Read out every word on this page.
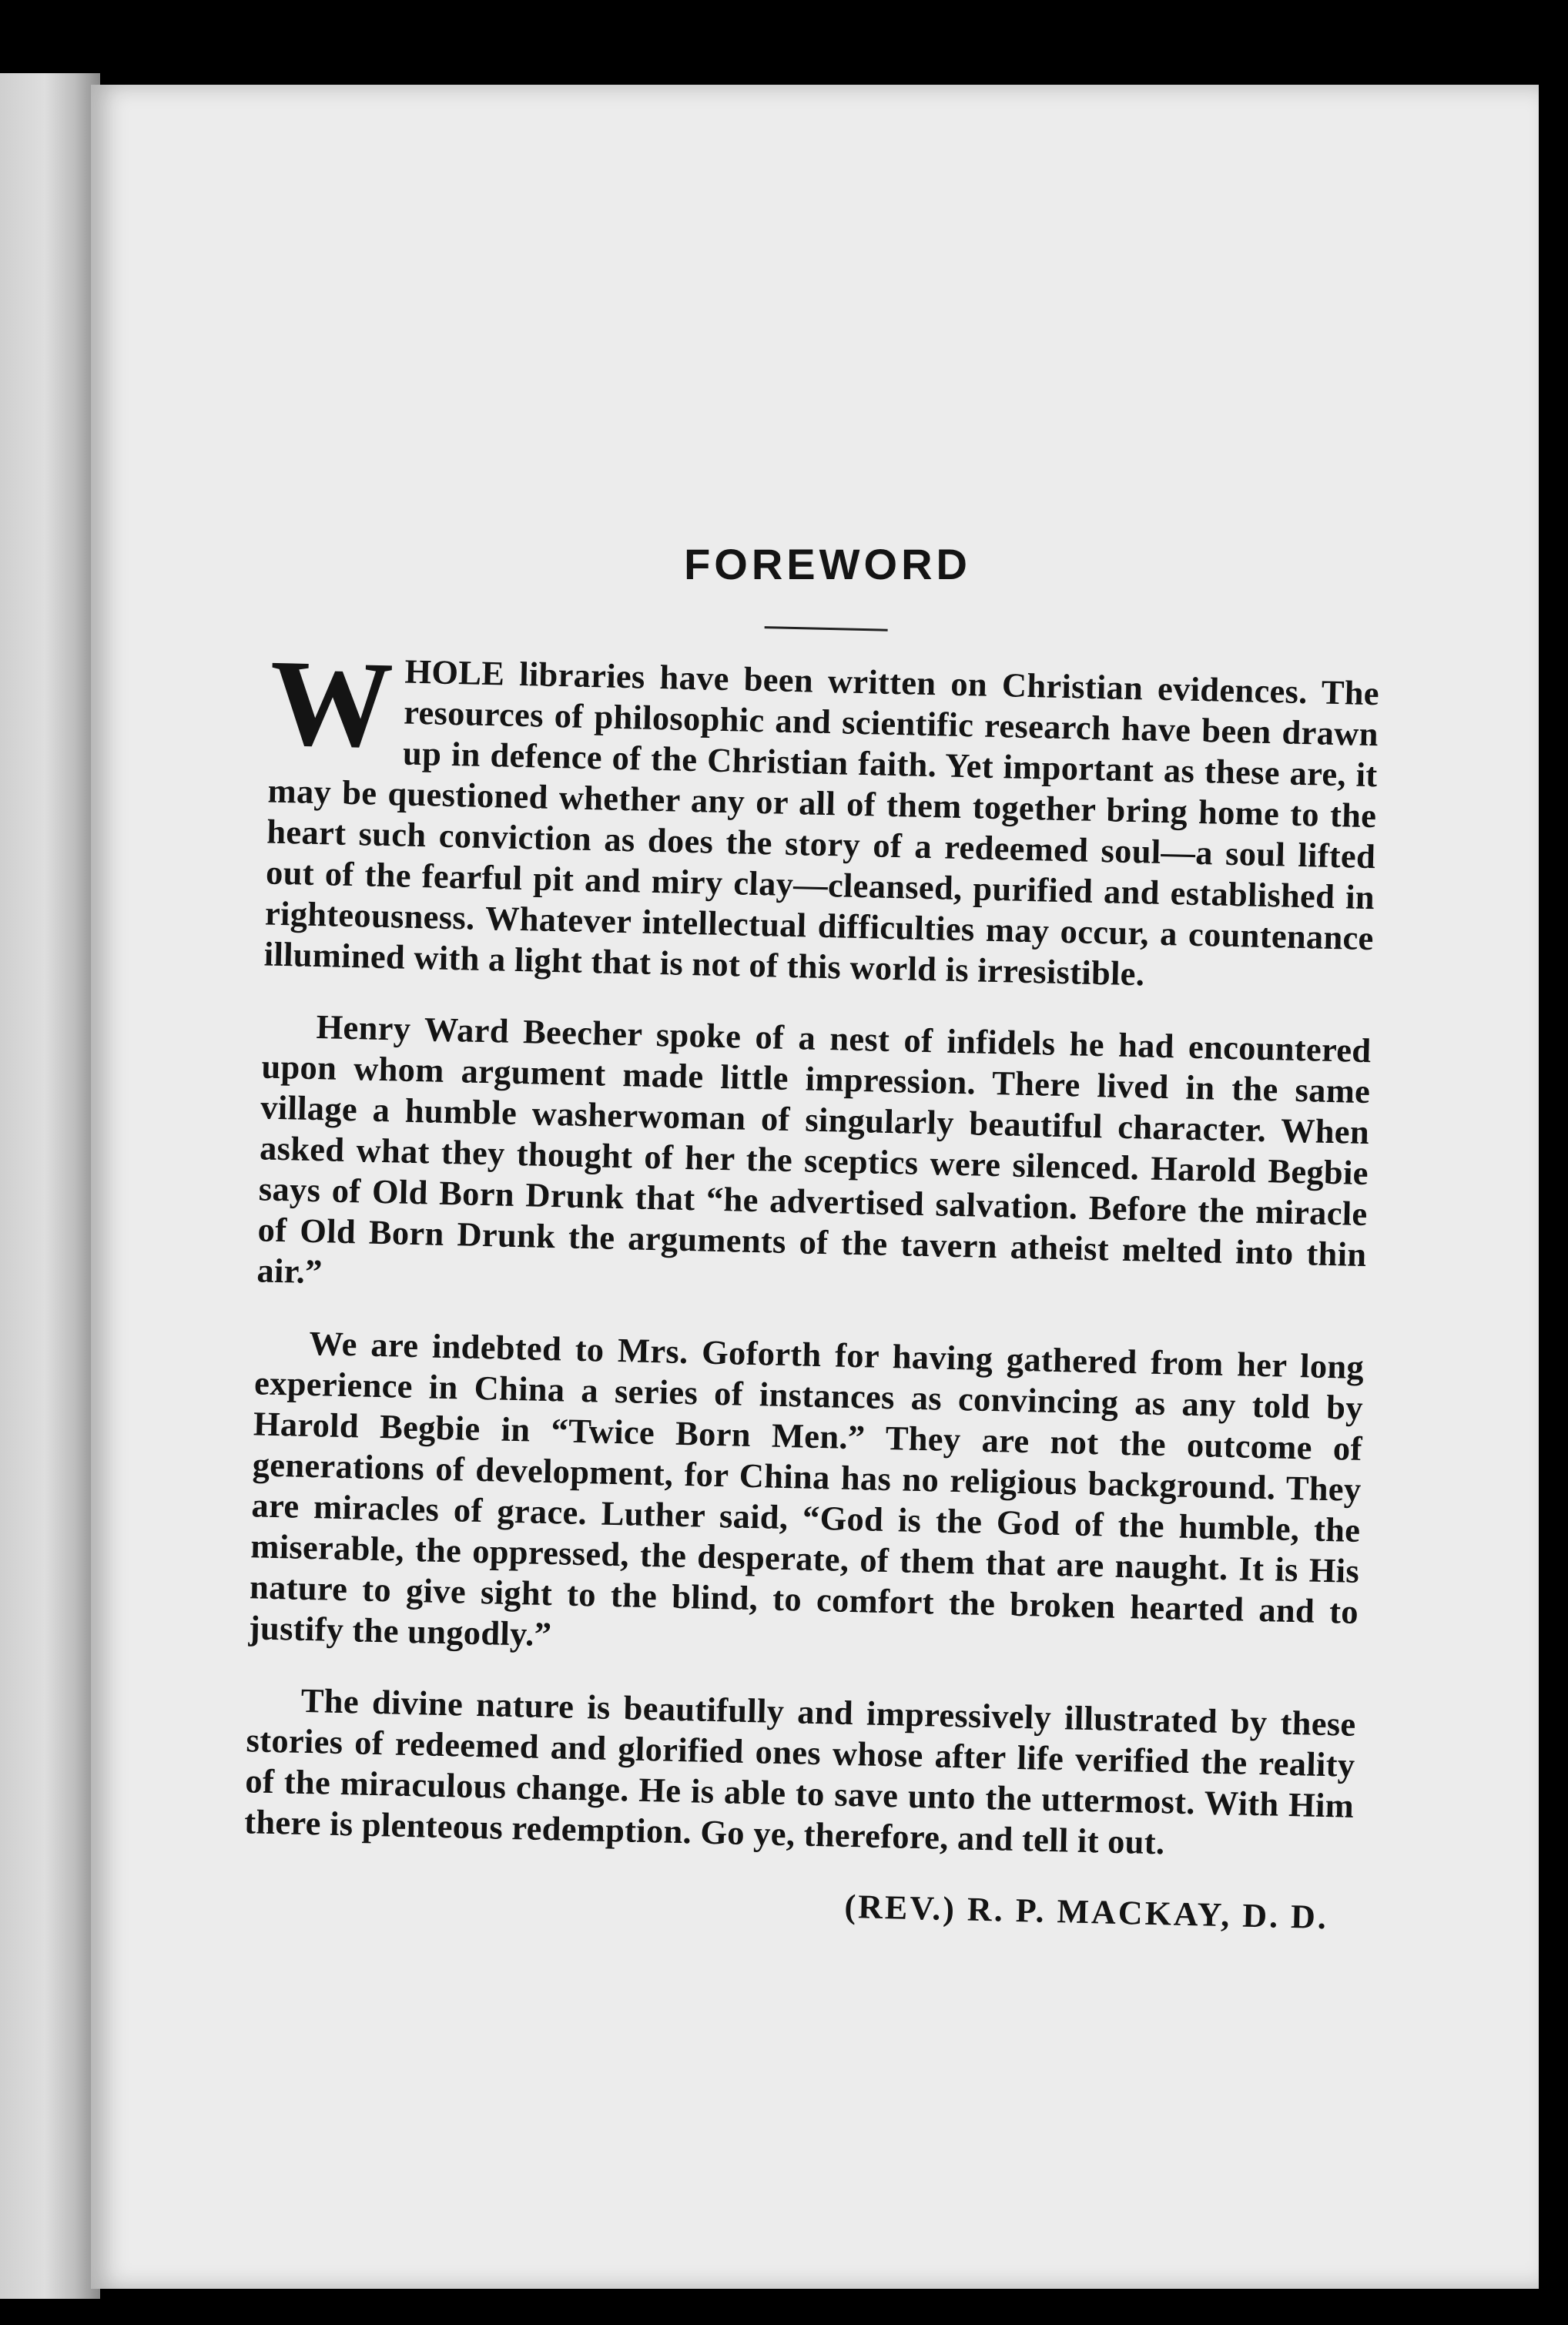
FOREWORD

WHOLE libraries have been written on Christian evidences. The resources of philosophic and scientific research have been drawn up in defence of the Christian faith. Yet important as these are, it may be questioned whether any or all of them together bring home to the heart such conviction as does the story of a redeemed soul—a soul lifted out of the fearful pit and miry clay—cleansed, purified and established in righteousness. Whatever intellectual difficulties may occur, a countenance illumined with a light that is not of this world is irresistible.

Henry Ward Beecher spoke of a nest of infidels he had encountered upon whom argument made little impression. There lived in the same village a humble washerwoman of singularly beautiful character. When asked what they thought of her the sceptics were silenced. Harold Begbie says of Old Born Drunk that “he advertised salvation. Before the miracle of Old Born Drunk the arguments of the tavern atheist melted into thin air.”

We are indebted to Mrs. Goforth for having gathered from her long experience in China a series of instances as convincing as any told by Harold Begbie in “Twice Born Men.” They are not the outcome of generations of development, for China has no religious background. They are miracles of grace. Luther said, “God is the God of the humble, the miserable, the oppressed, the desperate, of them that are naught. It is His nature to give sight to the blind, to comfort the broken hearted and to justify the ungodly.”

The divine nature is beautifully and impressively illustrated by these stories of redeemed and glorified ones whose after life verified the reality of the miraculous change. He is able to save unto the uttermost. With Him there is plenteous redemption. Go ye, therefore, and tell it out.

(REV.) R. P. MACKAY, D. D.
